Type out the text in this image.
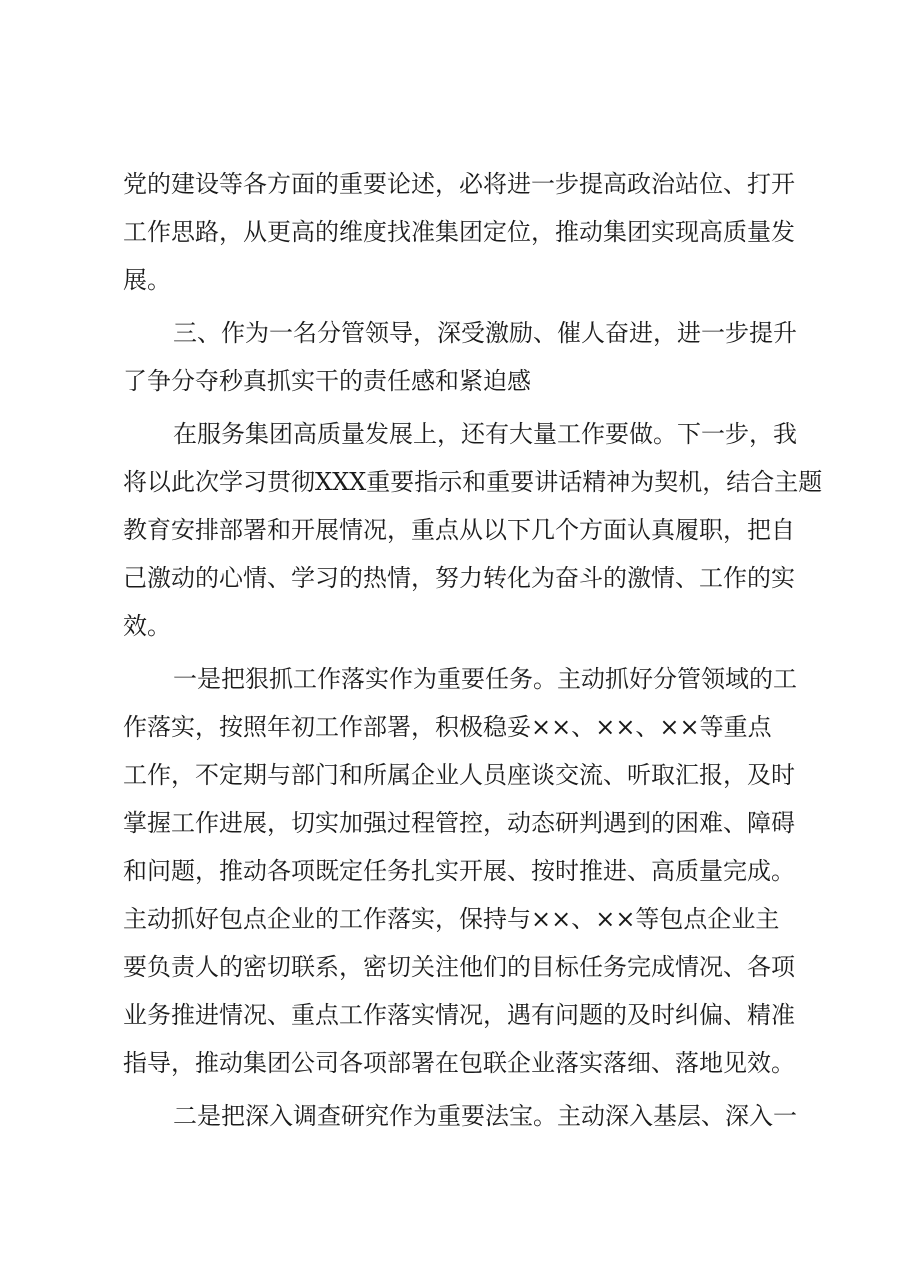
党的建设等各方面的重要论述，必将进一步提高政治站位、打开
工作思路，从更高的维度找准集团定位，推动集团实现高质量发
展。
三、作为一名分管领导，深受激励、催人奋进，进一步提升
了争分夺秒真抓实干的责任感和紧迫感
在服务集团高质量发展上，还有大量工作要做。下一步，我
将以此次学习贯彻XXX重要指示和重要讲话精神为契机，结合主题
教育安排部署和开展情况，重点从以下几个方面认真履职，把自
己激动的心情、学习的热情，努力转化为奋斗的激情、工作的实
效。
一是把狠抓工作落实作为重要任务。主动抓好分管领域的工
作落实，按照年初工作部署，积极稳妥××、××、××等重点
工作，不定期与部门和所属企业人员座谈交流、听取汇报，及时
掌握工作进展，切实加强过程管控，动态研判遇到的困难、障碍
和问题，推动各项既定任务扎实开展、按时推进、高质量完成。
主动抓好包点企业的工作落实，保持与××、××等包点企业主
要负责人的密切联系，密切关注他们的目标任务完成情况、各项
业务推进情况、重点工作落实情况，遇有问题的及时纠偏、精准
指导，推动集团公司各项部署在包联企业落实落细、落地见效。
二是把深入调查研究作为重要法宝。主动深入基层、深入一
